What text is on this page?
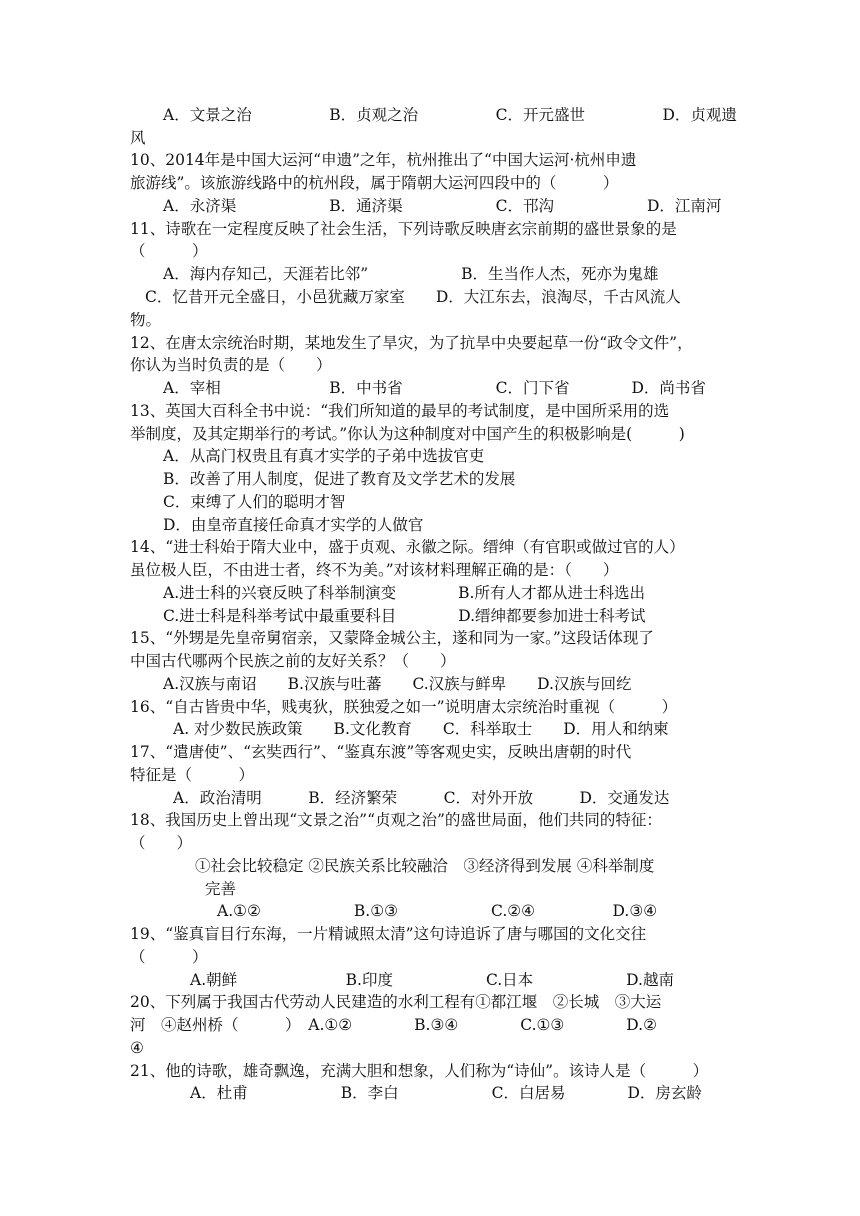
A．文景之治　　　　　B．贞观之治　　　　　C．开元盛世　　　　　D．贞观遗
风
10、2014年是中国大运河“申遗”之年，杭州推出了“中国大运河·杭州申遗
旅游线”。该旅游线路中的杭州段，属于隋朝大运河四段中的（　　　）
A．永济渠　　　　　　B．通济渠　　　　　　C．邗沟　　　　　　D．江南河
11、诗歌在一定程度反映了社会生活，下列诗歌反映唐玄宗前期的盛世景象的是
（　　　）
A．海内存知己，天涯若比邻”　　　　　　B．生当作人杰，死亦为鬼雄
C．忆昔开元全盛日，小邑犹藏万家室　　D．大江东去，浪淘尽，千古风流人
物。
12、在唐太宗统治时期，某地发生了旱灾，为了抗旱中央要起草一份“政令文件”，
你认为当时负责的是（　　）
A．宰相　　　　　　　B．中书省　　　　　　C．门下省　　　　D．尚书省
13、英国大百科全书中说：“我们所知道的最早的考试制度，是中国所采用的选
举制度，及其定期举行的考试。”你认为这种制度对中国产生的积极影响是(　　　)
A．从高门权贵且有真才实学的子弟中选拔官吏
B．改善了用人制度，促进了教育及文学艺术的发展
C．束缚了人们的聪明才智
D．由皇帝直接任命真才实学的人做官
14、“进士科始于隋大业中，盛于贞观、永徽之际。缙绅（有官职或做过官的人）
虽位极人臣，不由进士者，终不为美。”对该材料理解正确的是：（　　）
A.进士科的兴衰反映了科举制演变　　　　B.所有人才都从进士科选出
C.进士科是科举考试中最重要科目　　　　D.缙绅都要参加进士科考试
15、“外甥是先皇帝舅宿亲，又蒙降金城公主，遂和同为一家。”这段话体现了
中国古代哪两个民族之前的友好关系？（　　）
A.汉族与南诏　　B.汉族与吐蕃　　C.汉族与鲜卑　　D.汉族与回纥
16、“自古皆贵中华，贱夷狄，朕独爱之如一”说明唐太宗统治时重视（　　　）
A. 对少数民族政策　　B.文化教育　　C．科举取士　　D．用人和纳柬
17、“遣唐使”、“玄奘西行”、“鉴真东渡”等客观史实，反映出唐朝的时代
特征是（　　　）
A．政治清明　　　B．经济繁荣　　　C．对外开放　　　D．交通发达
18、我国历史上曾出现“文景之治”“贞观之治”的盛世局面，他们共同的特征：
（　　）
①社会比较稳定 ②民族关系比较融洽　③经济得到发展 ④科举制度
完善
A.①②　　　　　　B.①③　　　　　　C.②④　　　　　D.③④
19、“鉴真盲目行东海，一片精诚照太清”这句诗追诉了唐与哪国的文化交往
（　　　）
A.朝鲜　　　　　　　B.印度　　　　　　C.日本　　　　　　D.越南
20、下列属于我国古代劳动人民建造的水利工程有①都江堰　②长城　③大运
河　④赵州桥（　　　）　A.①②　　　　B.③④　　　　C.①③　　　　D.②
④
21、他的诗歌，雄奇飘逸，充满大胆和想象，人们称为“诗仙”。该诗人是（　　　）
A．杜甫　　　　　　B．李白　　　　　　C．白居易　　　　D．房玄龄
